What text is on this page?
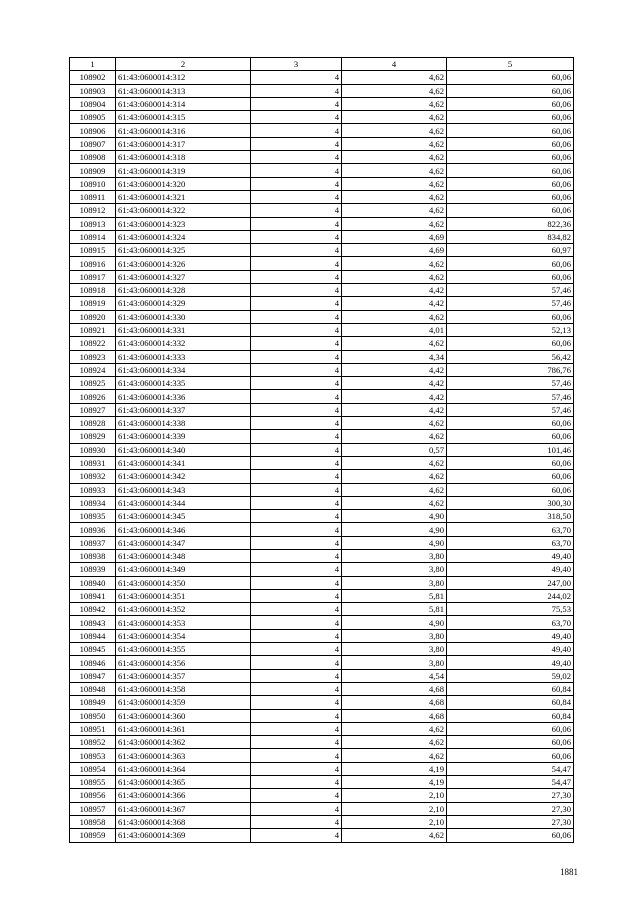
1	2	3	4	5
108902	61:43:0600014:312	4	4,62	60,06
108903	61:43:0600014:313	4	4,62	60,06
108904	61:43:0600014:314	4	4,62	60,06
108905	61:43:0600014:315	4	4,62	60,06
108906	61:43:0600014:316	4	4,62	60,06
108907	61:43:0600014:317	4	4,62	60,06
108908	61:43:0600014:318	4	4,62	60,06
108909	61:43:0600014:319	4	4,62	60,06
108910	61:43:0600014:320	4	4,62	60,06
108911	61:43:0600014:321	4	4,62	60,06
108912	61:43:0600014:322	4	4,62	60,06
108913	61:43:0600014:323	4	4,62	822,36
108914	61:43:0600014:324	4	4,69	834,82
108915	61:43:0600014:325	4	4,69	60,97
108916	61:43:0600014:326	4	4,62	60,06
108917	61:43:0600014:327	4	4,62	60,06
108918	61:43:0600014:328	4	4,42	57,46
108919	61:43:0600014:329	4	4,42	57,46
108920	61:43:0600014:330	4	4,62	60,06
108921	61:43:0600014:331	4	4,01	52,13
108922	61:43:0600014:332	4	4,62	60,06
108923	61:43:0600014:333	4	4,34	56,42
108924	61:43:0600014:334	4	4,42	786,76
108925	61:43:0600014:335	4	4,42	57,46
108926	61:43:0600014:336	4	4,42	57,46
108927	61:43:0600014:337	4	4,42	57,46
108928	61:43:0600014:338	4	4,62	60,06
108929	61:43:0600014:339	4	4,62	60,06
108930	61:43:0600014:340	4	0,57	101,46
108931	61:43:0600014:341	4	4,62	60,06
108932	61:43:0600014:342	4	4,62	60,06
108933	61:43:0600014:343	4	4,62	60,06
108934	61:43:0600014:344	4	4,62	300,30
108935	61:43:0600014:345	4	4,90	318,50
108936	61:43:0600014:346	4	4,90	63,70
108937	61:43:0600014:347	4	4,90	63,70
108938	61:43:0600014:348	4	3,80	49,40
108939	61:43:0600014:349	4	3,80	49,40
108940	61:43:0600014:350	4	3,80	247,00
108941	61:43:0600014:351	4	5,81	244,02
108942	61:43:0600014:352	4	5,81	75,53
108943	61:43:0600014:353	4	4,90	63,70
108944	61:43:0600014:354	4	3,80	49,40
108945	61:43:0600014:355	4	3,80	49,40
108946	61:43:0600014:356	4	3,80	49,40
108947	61:43:0600014:357	4	4,54	59,02
108948	61:43:0600014:358	4	4,68	60,84
108949	61:43:0600014:359	4	4,68	60,84
108950	61:43:0600014:360	4	4,68	60,84
108951	61:43:0600014:361	4	4,62	60,06
108952	61:43:0600014:362	4	4,62	60,06
108953	61:43:0600014:363	4	4,62	60,06
108954	61:43:0600014:364	4	4,19	54,47
108955	61:43:0600014:365	4	4,19	54,47
108956	61:43:0600014:366	4	2,10	27,30
108957	61:43:0600014:367	4	2,10	27,30
108958	61:43:0600014:368	4	2,10	27,30
108959	61:43:0600014:369	4	4,62	60,06
1881
